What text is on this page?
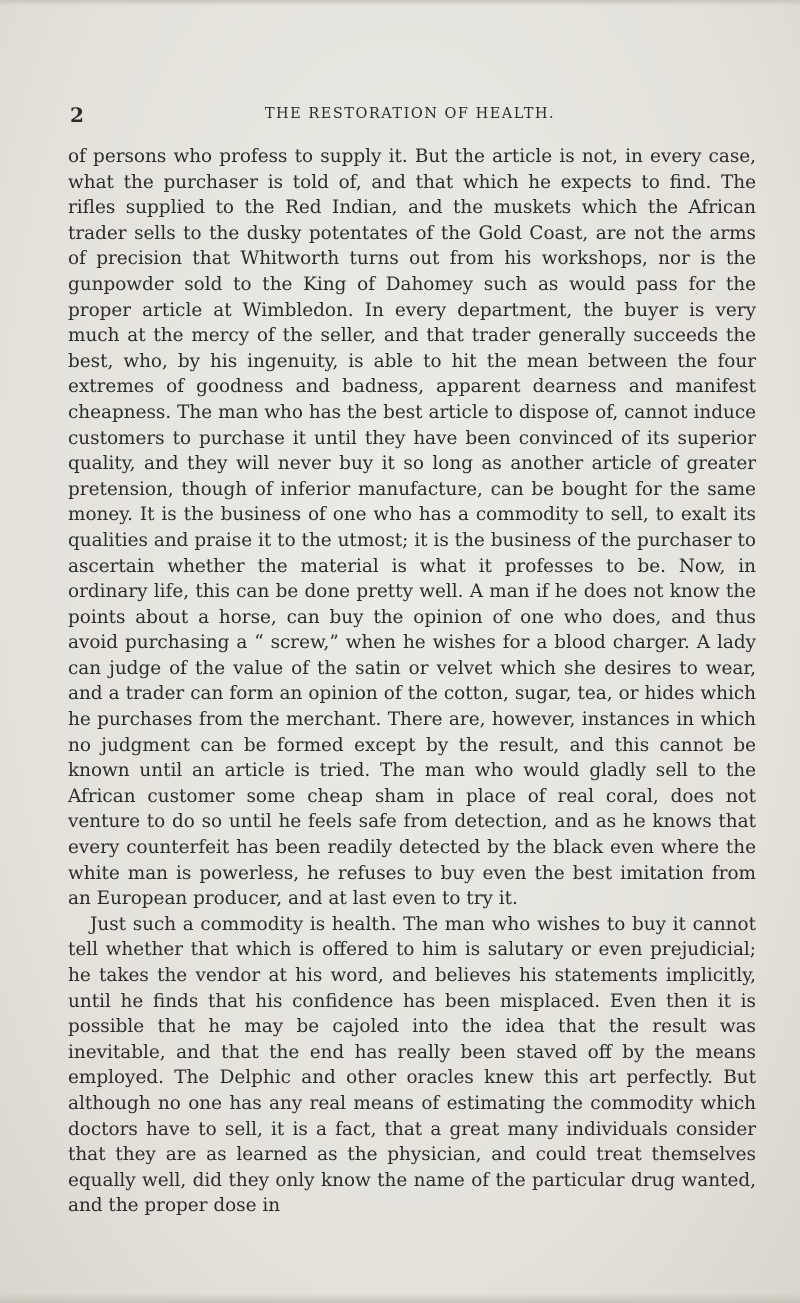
2	THE RESTORATION OF HEALTH.

of persons who profess to supply it. But the article is not, in every case, what the purchaser is told of, and that which he expects to find. The rifles supplied to the Red Indian, and the muskets which the African trader sells to the dusky potentates of the Gold Coast, are not the arms of precision that Whitworth turns out from his workshops, nor is the gunpowder sold to the King of Dahomey such as would pass for the proper article at Wimbledon. In every department, the buyer is very much at the mercy of the seller, and that trader generally succeeds the best, who, by his ingenuity, is able to hit the mean between the four extremes of goodness and badness, apparent dearness and manifest cheapness. The man who has the best article to dispose of, cannot induce customers to purchase it until they have been convinced of its superior quality, and they will never buy it so long as another article of greater pretension, though of inferior manufacture, can be bought for the same money. It is the business of one who has a commodity to sell, to exalt its qualities and praise it to the utmost; it is the business of the purchaser to ascertain whether the material is what it professes to be. Now, in ordinary life, this can be done pretty well. A man if he does not know the points about a horse, can buy the opinion of one who does, and thus avoid purchasing a “ screw,” when he wishes for a blood charger. A lady can judge of the value of the satin or velvet which she desires to wear, and a trader can form an opinion of the cotton, sugar, tea, or hides which he purchases from the merchant. There are, however, instances in which no judgment can be formed except by the result, and this cannot be known until an article is tried. The man who would gladly sell to the African customer some cheap sham in place of real coral, does not venture to do so until he feels safe from detection, and as he knows that every counterfeit has been readily detected by the black even where the white man is powerless, he refuses to buy even the best imitation from an European producer, and at last even to try it.

Just such a commodity is health. The man who wishes to buy it cannot tell whether that which is offered to him is salutary or even prejudicial; he takes the vendor at his word, and believes his statements implicitly, until he finds that his confidence has been misplaced. Even then it is possible that he may be cajoled into the idea that the result was inevitable, and that the end has really been staved off by the means employed. The Delphic and other oracles knew this art perfectly. But although no one has any real means of estimating the commodity which doctors have to sell, it is a fact, that a great many individuals consider that they are as learned as the physician, and could treat themselves equally well, did they only know the name of the particular drug wanted, and the proper dose in
